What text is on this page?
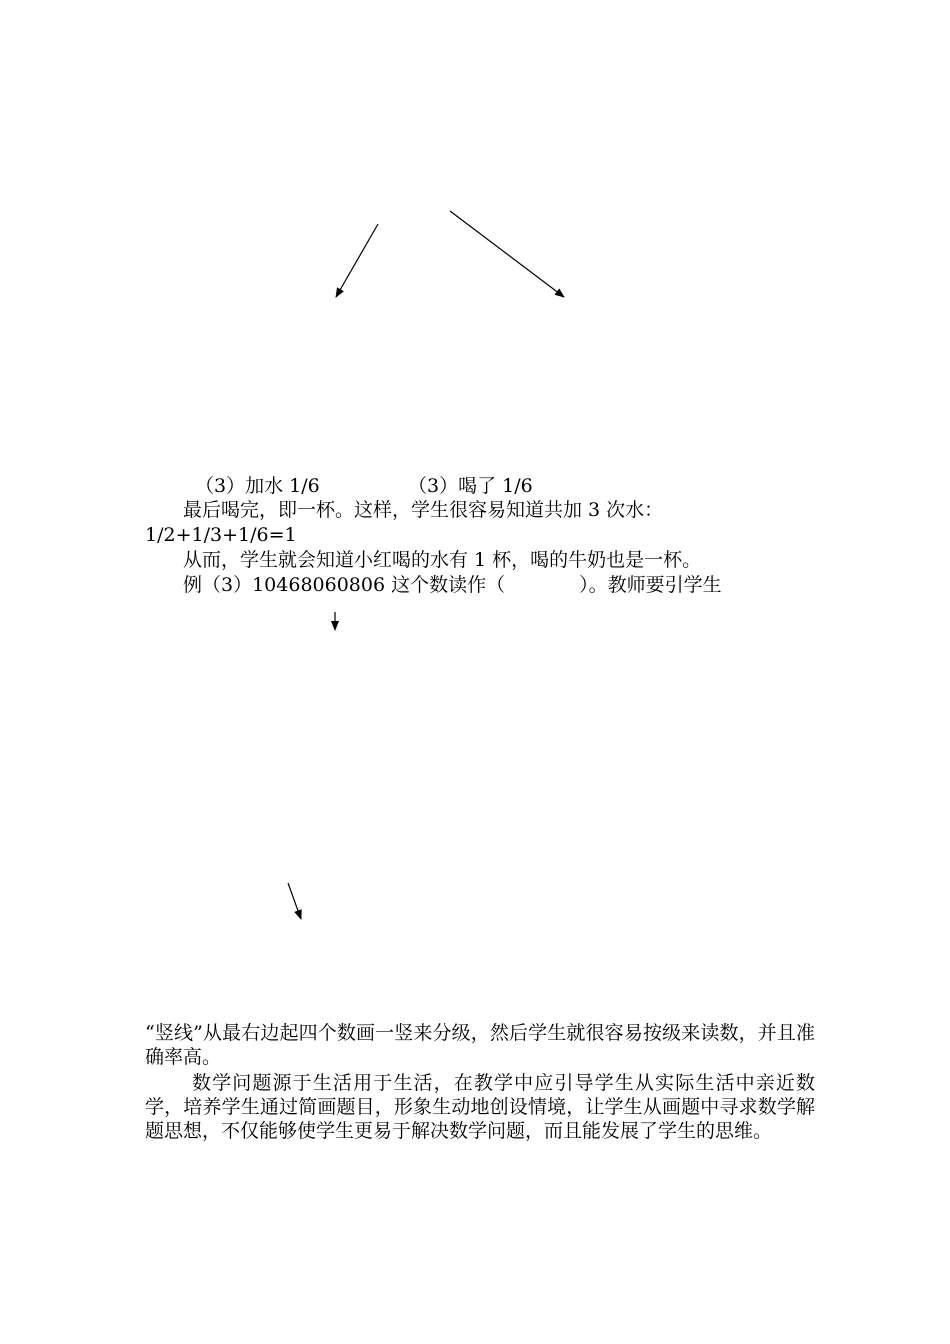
（3）加水 1/6	（3）喝了 1/6
最后喝完，即一杯。这样，学生很容易知道共加 3 次水：
1/2+1/3+1/6=1
从而，学生就会知道小红喝的水有 1 杯，喝的牛奶也是一杯。
例（3）10468060806 这个数读作（	）。教师要引学生
“竖线”从最右边起四个数画一竖来分级，然后学生就很容易按级来读数，并且准确率高。
数学问题源于生活用于生活，在教学中应引导学生从实际生活中亲近数学，培养学生通过简画题目，形象生动地创设情境，让学生从画题中寻求数学解题思想，不仅能够使学生更易于解决数学问题，而且能发展了学生的思维。
